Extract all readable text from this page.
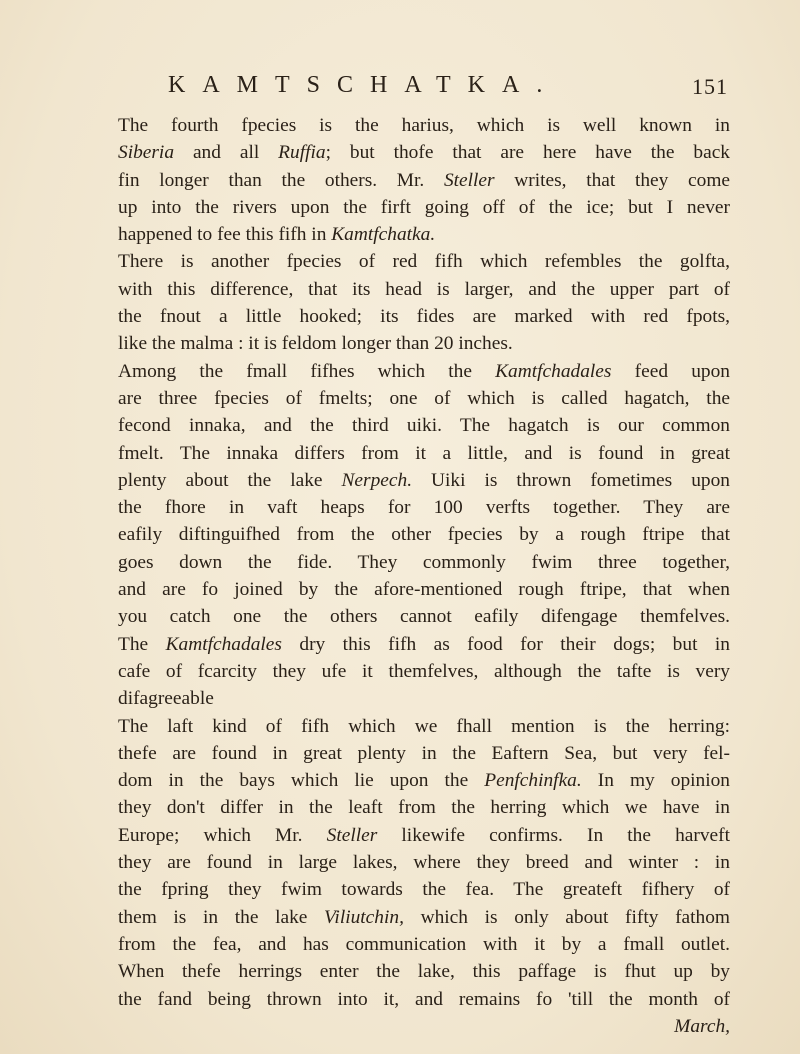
KAMTSCHATKA.	151
The fourth fpecies is the harius, which is well known in
Siberia and all Ruffia; but thofe that are here have the back
fin longer than the others. Mr. Steller writes, that they come
up into the rivers upon the firft going off of the ice; but I never
happened to fee this fifh in Kamtfchatka.
There is another fpecies of red fifh which refembles the golfta,
with this difference, that its head is larger, and the upper part of
the fnout a little hooked; its fides are marked with red fpots,
like the malma : it is feldom longer than 20 inches.
Among the fmall fifhes which the Kamtfchadales feed upon
are three fpecies of fmelts; one of which is called hagatch, the
fecond innaka, and the third uiki. The hagatch is our common
fmelt. The innaka differs from it a little, and is found in great
plenty about the lake Nerpech. Uiki is thrown fometimes upon
the fhore in vaft heaps for 100 verfts together. They are
eafily diftinguifhed from the other fpecies by a rough ftripe that
goes down the fide. They commonly fwim three together,
and are fo joined by the afore-mentioned rough ftripe, that when
you catch one the others cannot eafily difengage themfelves.
The Kamtfchadales dry this fifh as food for their dogs; but in
cafe of fcarcity they ufe it themfelves, although the tafte is very
difagreeable
The laft kind of fifh which we fhall mention is the herring:
thefe are found in great plenty in the Eaftern Sea, but very fel-
dom in the bays which lie upon the Penfchinfka. In my opinion
they don't differ in the leaft from the herring which we have in
Europe; which Mr. Steller likewife confirms. In the harveft
they are found in large lakes, where they breed and winter : in
the fpring they fwim towards the fea. The greateft fifhery of
them is in the lake Viliutchin, which is only about fifty fathom
from the fea, and has communication with it by a fmall outlet.
When thefe herrings enter the lake, this paffage is fhut up by
the fand being thrown into it, and remains fo 'till the month of
March,
